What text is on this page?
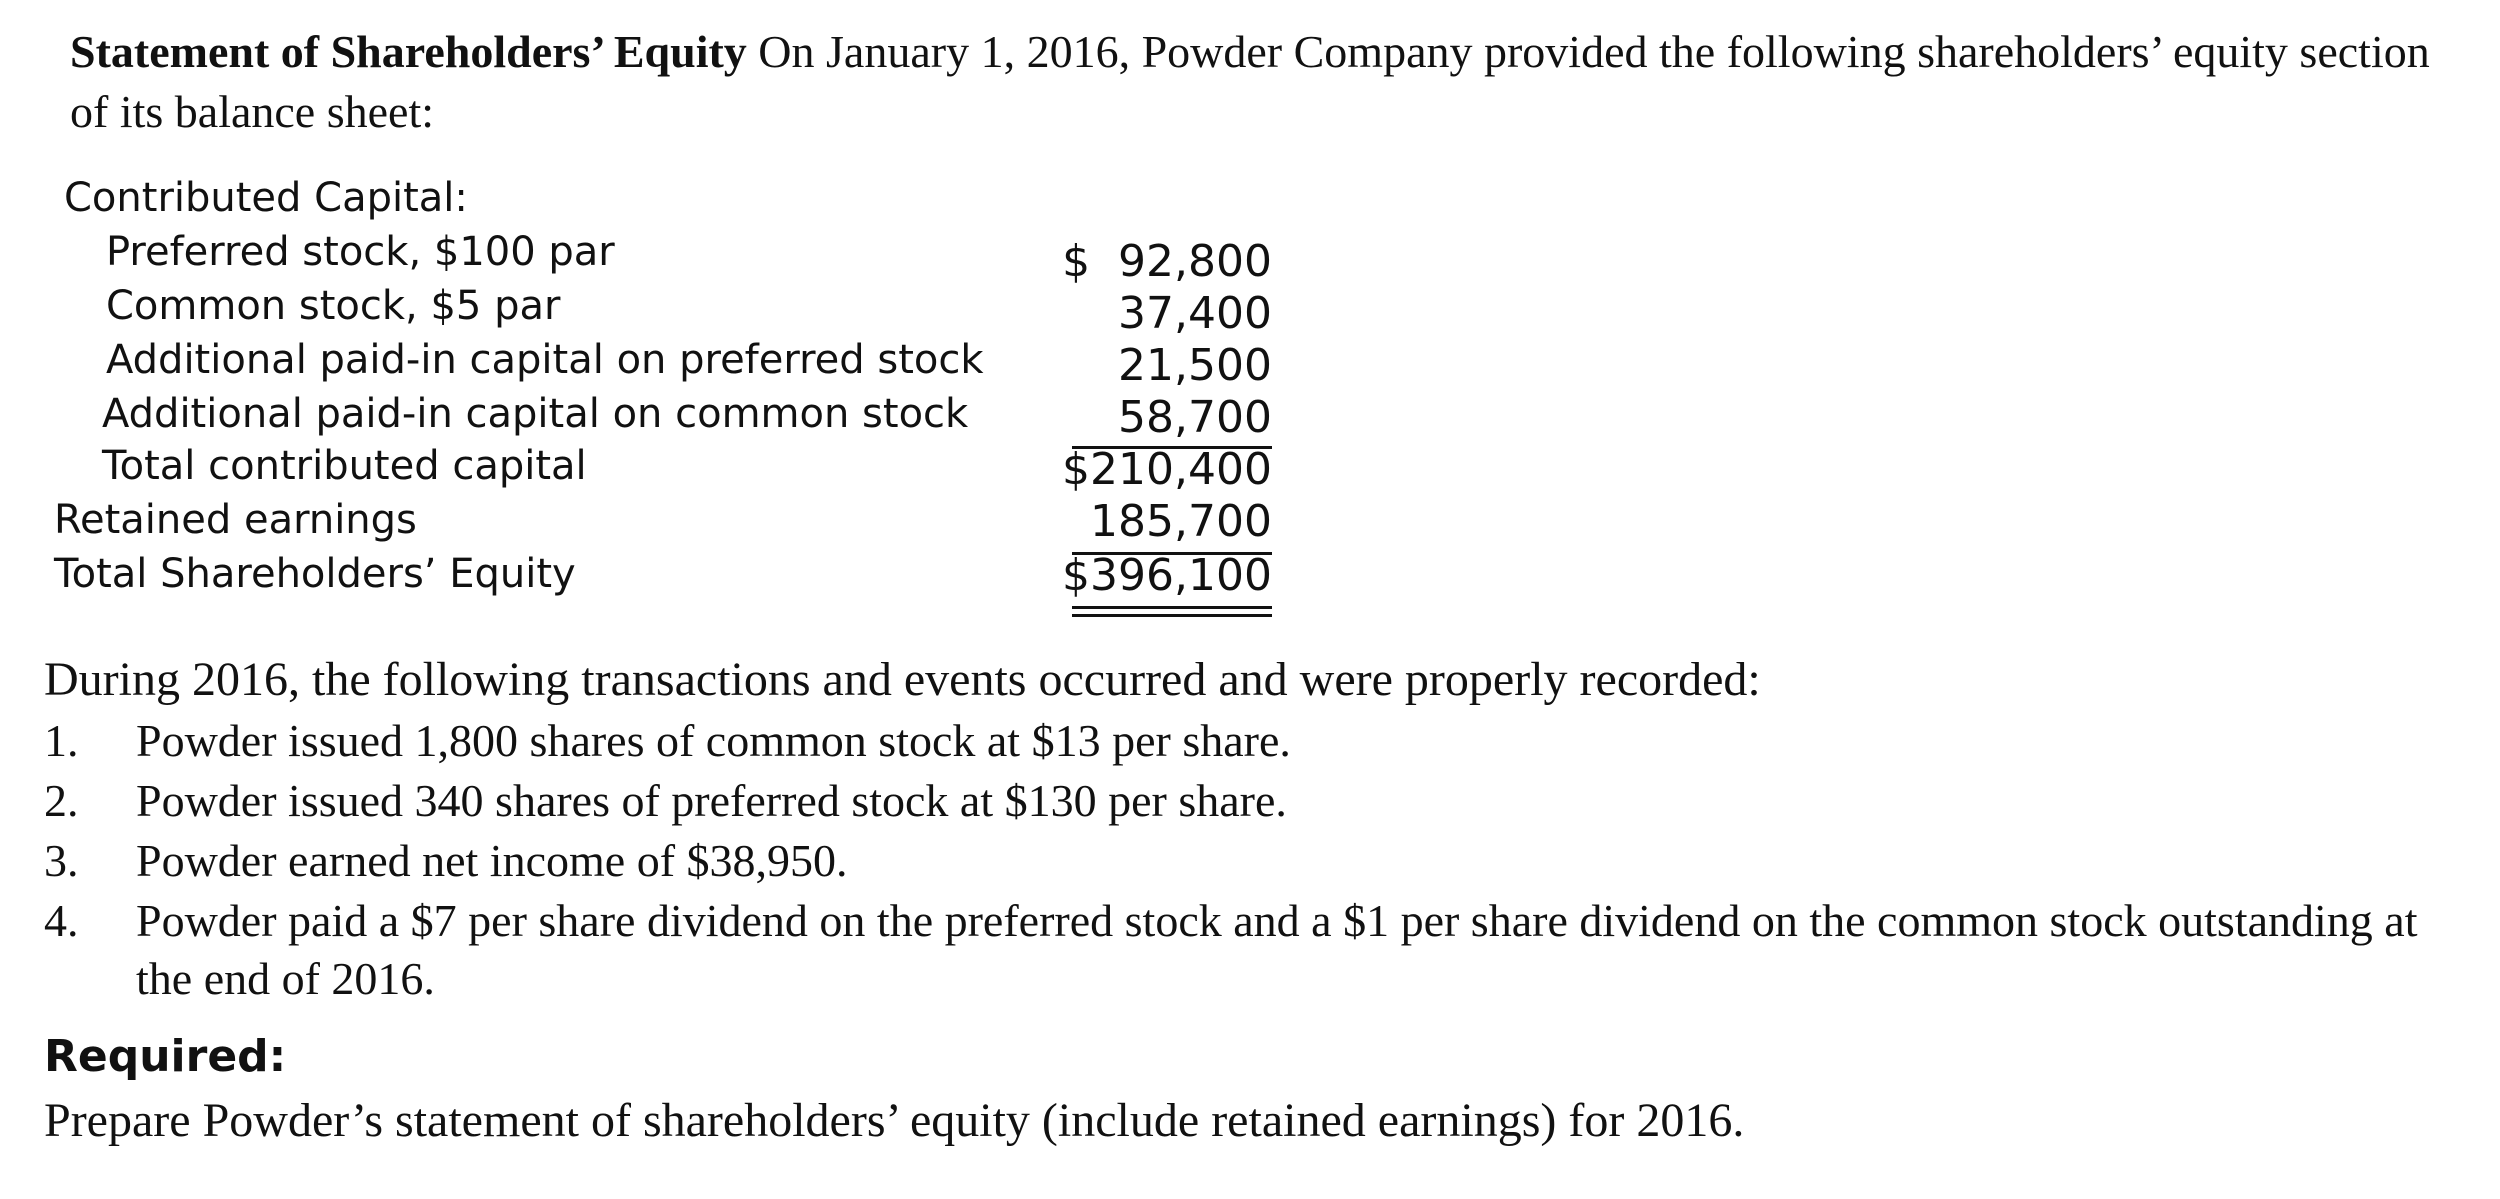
Statement of Shareholders’ Equity On January 1, 2016, Powder Company provided the following shareholders’ equity section of its balance sheet:
Contributed Capital:
Preferred stock, $100 par	$  92,800
Common stock, $5 par	37,400
Additional paid-in capital on preferred stock	21,500
Additional paid-in capital on common stock	58,700
Total contributed capital	$210,400
Retained earnings	185,700
Total Shareholders’ Equity	$396,100
During 2016, the following transactions and events occurred and were properly recorded:
1. Powder issued 1,800 shares of common stock at $13 per share.
2. Powder issued 340 shares of preferred stock at $130 per share.
3. Powder earned net income of $38,950.
4. Powder paid a $7 per share dividend on the preferred stock and a $1 per share dividend on the common stock outstanding at the end of 2016.
Required:
Prepare Powder’s statement of shareholders’ equity (include retained earnings) for 2016.
